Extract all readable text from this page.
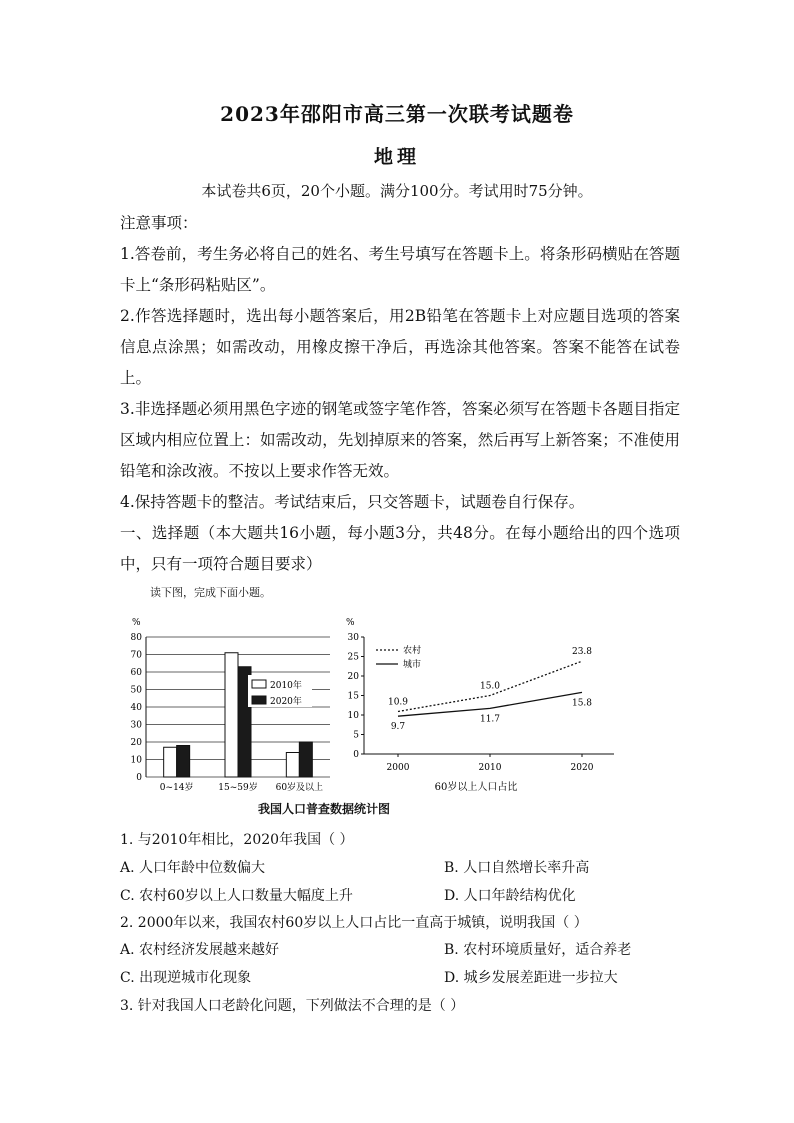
2023年邵阳市高三第一次联考试题卷
地理
本试卷共6页，20个小题。满分100分。考试用时75分钟。

注意事项：

1.答卷前，考生务必将自己的姓名、考生号填写在答题卡上。将条形码横贴在答题卡上“条形码粘贴区”。

2.作答选择题时，选出每小题答案后，用2B铅笔在答题卡上对应题目选项的答案信息点涂黑；如需改动，用橡皮擦干净后，再选涂其他答案。答案不能答在试卷上。

3.非选择题必须用黑色字迹的钢笔或签字笔作答，答案必须写在答题卡各题目指定区域内相应位置上：如需改动，先划掉原来的答案，然后再写上新答案；不准使用铅笔和涂改液。不按以上要求作答无效。

4.保持答题卡的整洁。考试结束后，只交答题卡，试题卷自行保存。

一、选择题（本大题共16小题，每小题3分，共48分。在每小题给出的四个选项中，只有一项符合题目要求）

读下图，完成下面小题。
0
10
20
30
40
50
60
70
80
0~14岁	15~59岁 60岁及以上
2010年
2020年
%
0
5
10
15
20
25
30
2000	2010	2020
10.9
15.0
23.8
9.7
11.7
15.8
农村
城市
%
60岁以上人口占比
我国人口普查数据统计图
1. 与2010年相比，2020年我国（ ）
A. 人口年龄中位数偏大	B. 人口自然增长率升高
C. 农村60岁以上人口数量大幅度上升	D. 人口年龄结构优化
2. 2000年以来，我国农村60岁以上人口占比一直高于城镇，说明我国（ ）
A. 农村经济发展越来越好	B. 农村环境质量好，适合养老
C. 出现逆城市化现象	D. 城乡发展差距进一步拉大
3. 针对我国人口老龄化问题，下列做法不合理的是（ ）
